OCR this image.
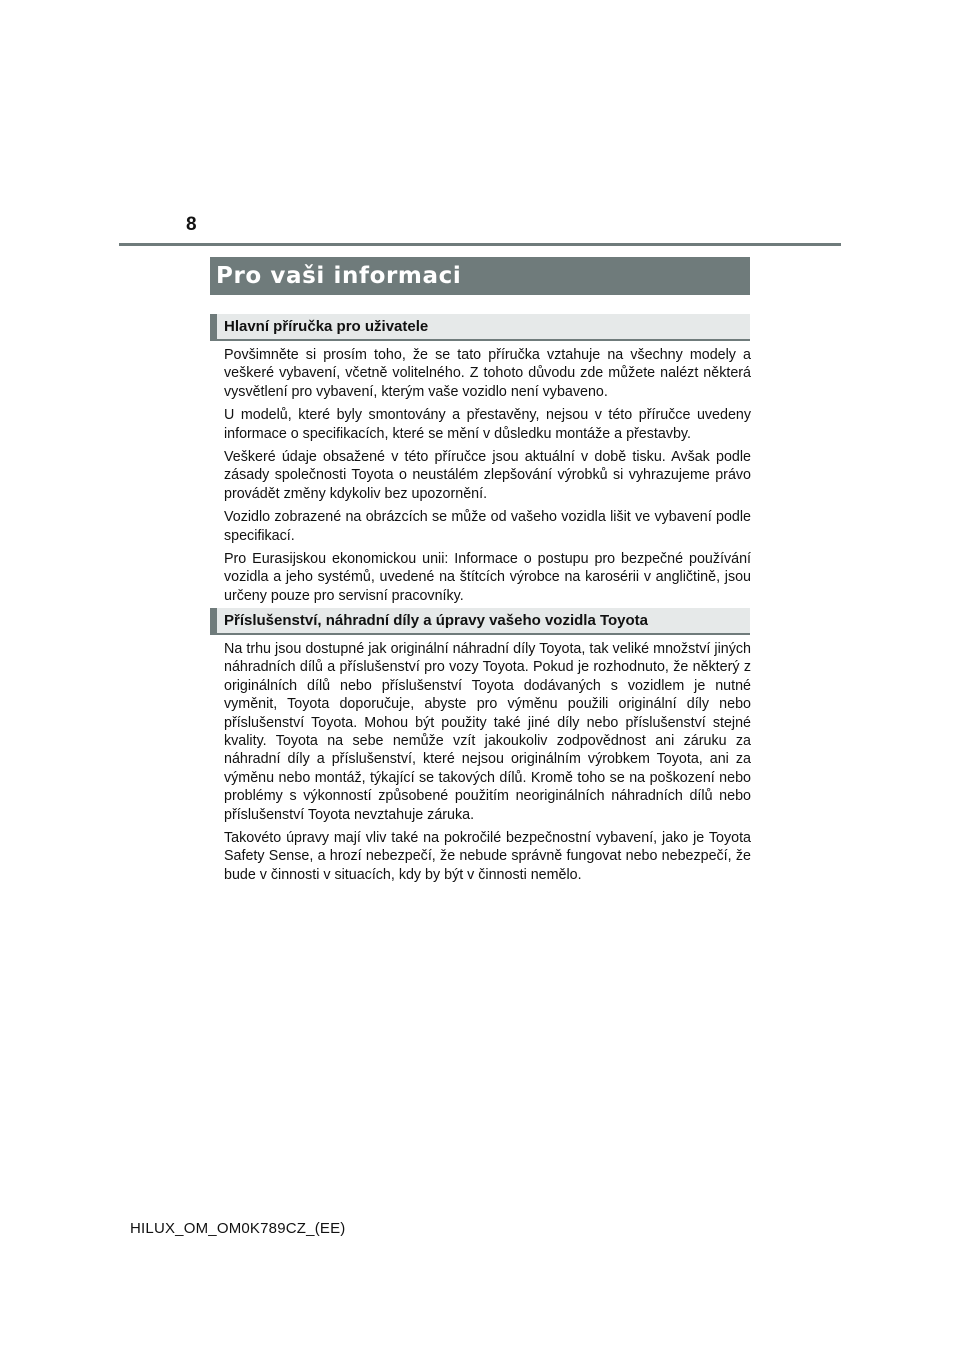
8
Pro vaši informaci
Hlavní příručka pro uživatele

Povšimněte si prosím toho, že se tato příručka vztahuje na všechny modely a veškeré vybavení, včetně volitelného. Z tohoto důvodu zde můžete nalézt některá vysvětlení pro vybavení, kterým vaše vozidlo není vybaveno.

U modelů, které byly smontovány a přestavěny, nejsou v této příručce uvedeny informace o specifikacích, které se mění v důsledku montáže a přestavby.

Veškeré údaje obsažené v této příručce jsou aktuální v době tisku. Avšak podle zásady společnosti Toyota o neustálém zlepšování výrobků si vyhrazujeme právo provádět změny kdykoliv bez upozornění.

Vozidlo zobrazené na obrázcích se může od vašeho vozidla lišit ve vybavení podle specifikací.

Pro Eurasijskou ekonomickou unii: Informace o postupu pro bezpečné používání vozidla a jeho systémů, uvedené na štítcích výrobce na karosérii v angličtině, jsou určeny pouze pro servisní pracovníky.

Příslušenství, náhradní díly a úpravy vašeho vozidla Toyota

Na trhu jsou dostupné jak originální náhradní díly Toyota, tak veliké množství jiných náhradních dílů a příslušenství pro vozy Toyota. Pokud je rozhodnuto, že některý z originálních dílů nebo příslušenství Toyota dodávaných s vozidlem je nutné vyměnit, Toyota doporučuje, abyste pro výměnu použili originální díly nebo příslušenství Toyota. Mohou být použity také jiné díly nebo příslušenství stejné kvality. Toyota na sebe nemůže vzít jakoukoliv zodpovědnost ani záruku za náhradní díly a příslušenství, které nejsou originálním výrobkem Toyota, ani za výměnu nebo montáž, týkající se takových dílů. Kromě toho se na poškození nebo problémy s výkonností způsobené použitím neoriginálních náhradních dílů nebo příslušenství Toyota nevztahuje záruka.

Takovéto úpravy mají vliv také na pokročilé bezpečnostní vybavení, jako je Toyota Safety Sense, a hrozí nebezpečí, že nebude správně fungovat nebo nebezpečí, že bude v činnosti v situacích, kdy by být v činnosti nemělo.

HILUX_OM_OM0K789CZ_(EE)
